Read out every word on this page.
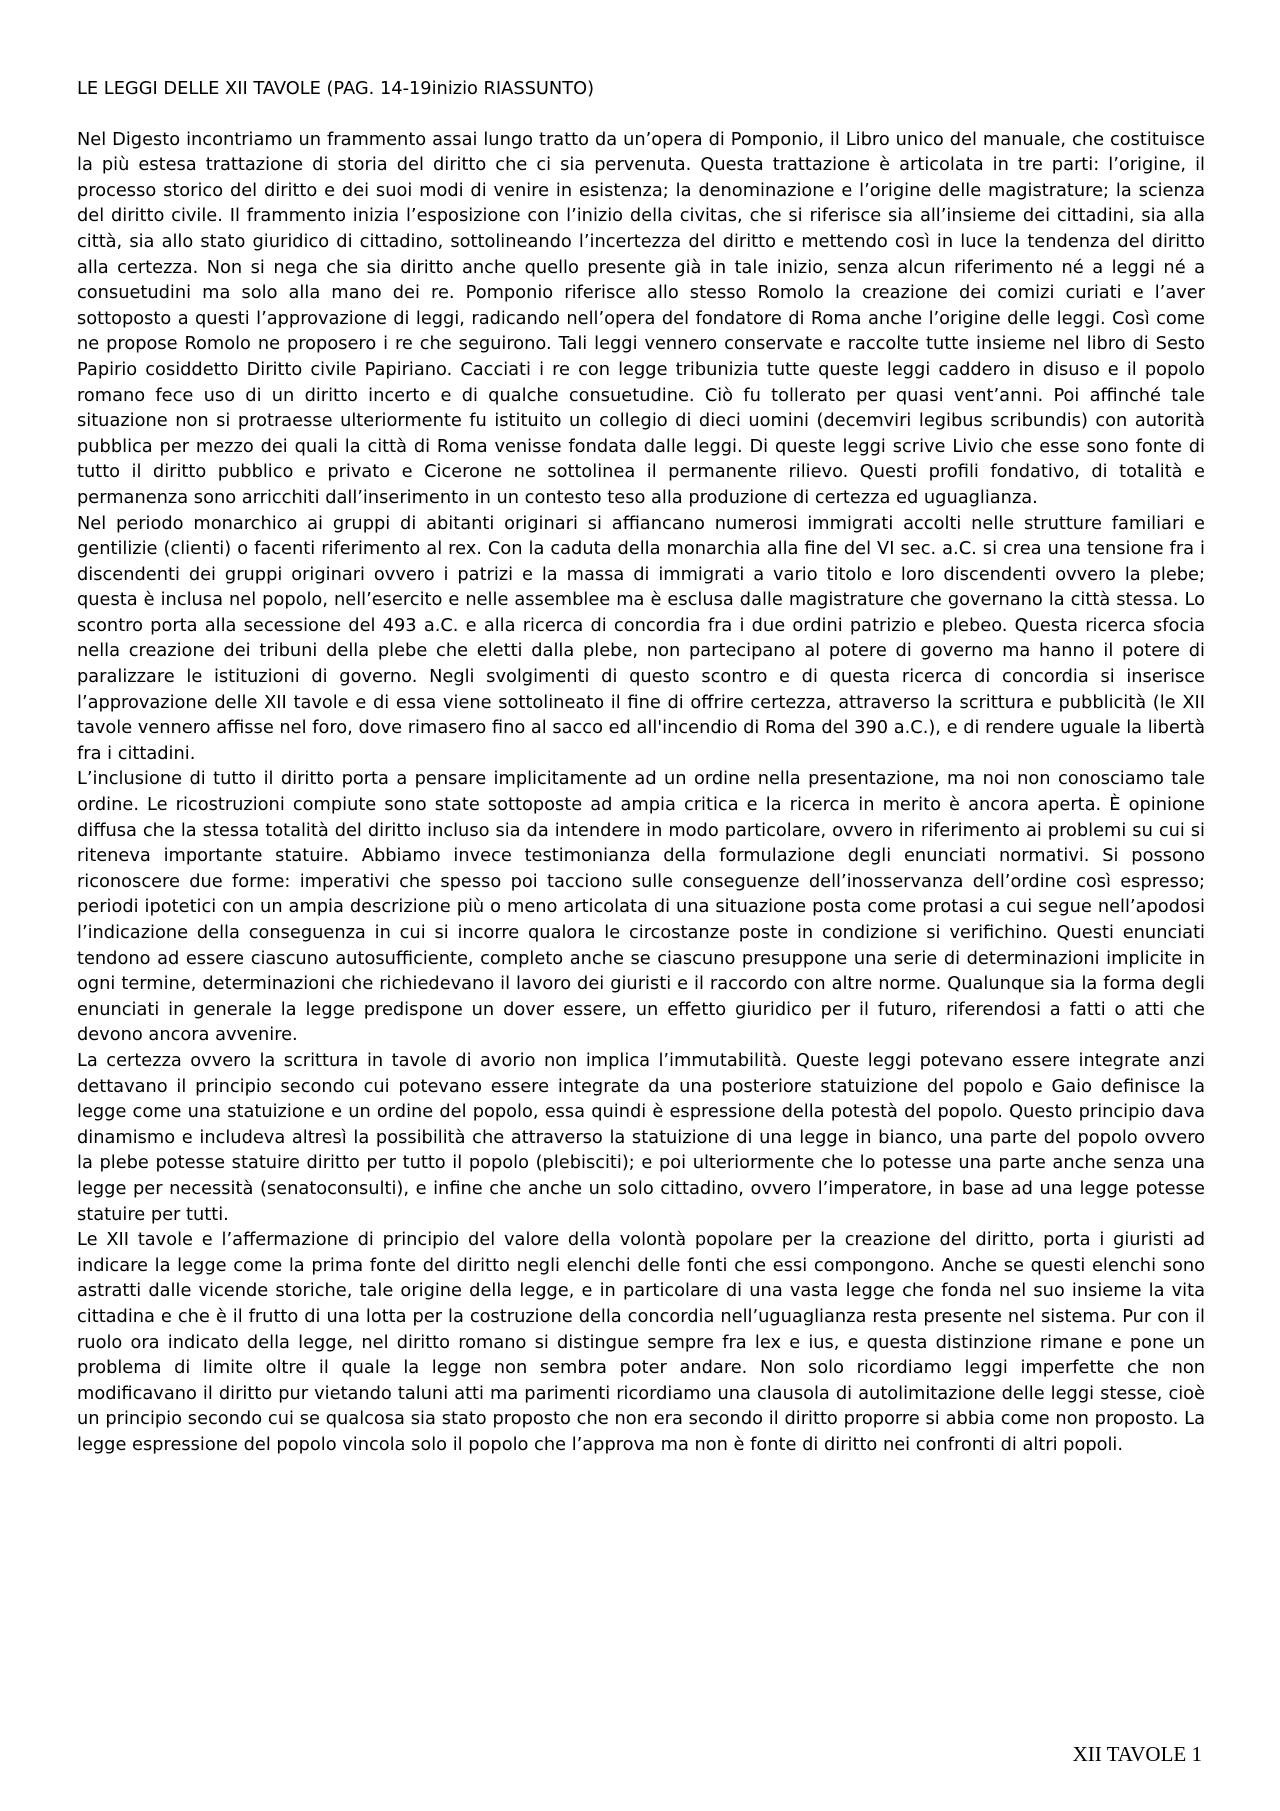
LE LEGGI DELLE XII TAVOLE (PAG. 14-19inizio RIASSUNTO)
Nel Digesto incontriamo un frammento assai lungo tratto da un’opera di Pomponio, il Libro unico del manuale, che costituisce la più estesa trattazione di storia del diritto che ci sia pervenuta. Questa trattazione è articolata in tre parti: l’origine, il processo storico del diritto e dei suoi modi di venire in esistenza; la denominazione e l’origine delle magistrature; la scienza del diritto civile. Il frammento inizia l’esposizione con l’inizio della civitas, che si riferisce sia all’insieme dei cittadini, sia alla città, sia allo stato giuridico di cittadino, sottolineando l’incertezza del diritto e mettendo così in luce la tendenza del diritto alla certezza. Non si nega che sia diritto anche quello presente già in tale inizio, senza alcun riferimento né a leggi né a consuetudini ma solo alla mano dei re. Pomponio riferisce allo stesso Romolo la creazione dei comizi curiati e l’aver sottoposto a questi l’approvazione di leggi, radicando nell’opera del fondatore di Roma anche l’origine delle leggi. Così come ne propose Romolo ne proposero i re che seguirono. Tali leggi vennero conservate e raccolte tutte insieme nel libro di Sesto Papirio cosiddetto Diritto civile Papiriano. Cacciati i re con legge tribunizia tutte queste leggi caddero in disuso e il popolo romano fece uso di un diritto incerto e di qualche consuetudine. Ciò fu tollerato per quasi vent’anni. Poi affinché tale situazione non si protraesse ulteriormente fu istituito un collegio di dieci uomini (decemviri legibus scribundis) con autorità pubblica per mezzo dei quali la città di Roma venisse fondata dalle leggi. Di queste leggi scrive Livio che esse sono fonte di tutto il diritto pubblico e privato e Cicerone ne sottolinea il permanente rilievo. Questi profili fondativo, di totalità e permanenza sono arricchiti dall’inserimento in un contesto teso alla produzione di certezza ed uguaglianza.
Nel periodo monarchico ai gruppi di abitanti originari si affiancano numerosi immigrati accolti nelle strutture familiari e gentilizie (clienti) o facenti riferimento al rex. Con la caduta della monarchia alla fine del VI sec. a.C. si crea una tensione fra i discendenti dei gruppi originari ovvero i patrizi e la massa di immigrati a vario titolo e loro discendenti ovvero la plebe; questa è inclusa nel popolo, nell’esercito e nelle assemblee ma è esclusa dalle magistrature che governano la città stessa. Lo scontro porta alla secessione del 493 a.C. e alla ricerca di concordia fra i due ordini patrizio e plebeo. Questa ricerca sfocia nella creazione dei tribuni della plebe che eletti dalla plebe, non partecipano al potere di governo ma hanno il potere di paralizzare le istituzioni di governo. Negli svolgimenti di questo scontro e di questa ricerca di concordia si inserisce l’approvazione delle XII tavole e di essa viene sottolineato il fine di offrire certezza, attraverso la scrittura e pubblicità (le XII tavole vennero affisse nel foro, dove rimasero fino al sacco ed all'incendio di Roma del 390 a.C.), e di rendere uguale la libertà fra i cittadini.
L’inclusione di tutto il diritto porta a pensare implicitamente ad un ordine nella presentazione, ma noi non conosciamo tale ordine. Le ricostruzioni compiute sono state sottoposte ad ampia critica e la ricerca in merito è ancora aperta. È opinione diffusa che la stessa totalità del diritto incluso sia da intendere in modo particolare, ovvero in riferimento ai problemi su cui si riteneva importante statuire. Abbiamo invece testimonianza della formulazione degli enunciati normativi. Si possono riconoscere due forme: imperativi che spesso poi tacciono sulle conseguenze dell’inosservanza dell’ordine così espresso; periodi ipotetici con un ampia descrizione più o meno articolata di una situazione posta come protasi a cui segue nell’apodosi l’indicazione della conseguenza in cui si incorre qualora le circostanze poste in condizione si verifichino. Questi enunciati tendono ad essere ciascuno autosufficiente, completo anche se ciascuno presuppone una serie di determinazioni implicite in ogni termine, determinazioni che richiedevano il lavoro dei giuristi e il raccordo con altre norme. Qualunque sia la forma degli enunciati in generale la legge predispone un dover essere, un effetto giuridico per il futuro, riferendosi a fatti o atti che devono ancora avvenire.
La certezza ovvero la scrittura in tavole di avorio non implica l’immutabilità. Queste leggi potevano essere integrate anzi dettavano il principio secondo cui potevano essere integrate da una posteriore statuizione del popolo e Gaio definisce la legge come una statuizione e un ordine del popolo, essa quindi è espressione della potestà del popolo. Questo principio dava dinamismo e includeva altresì la possibilità che attraverso la statuizione di una legge in bianco, una parte del popolo ovvero la plebe potesse statuire diritto per tutto il popolo (plebisciti); e poi ulteriormente che lo potesse una parte anche senza una legge per necessità (senatoconsulti), e infine che anche un solo cittadino, ovvero l’imperatore, in base ad una legge potesse statuire per tutti.
Le XII tavole e l’affermazione di principio del valore della volontà popolare per la creazione del diritto, porta i giuristi ad indicare la legge come la prima fonte del diritto negli elenchi delle fonti che essi compongono. Anche se questi elenchi sono astratti dalle vicende storiche, tale origine della legge, e in particolare di una vasta legge che fonda nel suo insieme la vita cittadina e che è il frutto di una lotta per la costruzione della concordia nell’uguaglianza resta presente nel sistema. Pur con il ruolo ora indicato della legge, nel diritto romano si distingue sempre fra lex e ius, e questa distinzione rimane e pone un problema di limite oltre il quale la legge non sembra poter andare. Non solo ricordiamo leggi imperfette che non modificavano il diritto pur vietando taluni atti ma parimenti ricordiamo una clausola di autolimitazione delle leggi stesse, cioè un principio secondo cui se qualcosa sia stato proposto che non era secondo il diritto proporre si abbia come non proposto. La legge espressione del popolo vincola solo il popolo che l’approva ma non è fonte di diritto nei confronti di altri popoli.
XII TAVOLE 1
